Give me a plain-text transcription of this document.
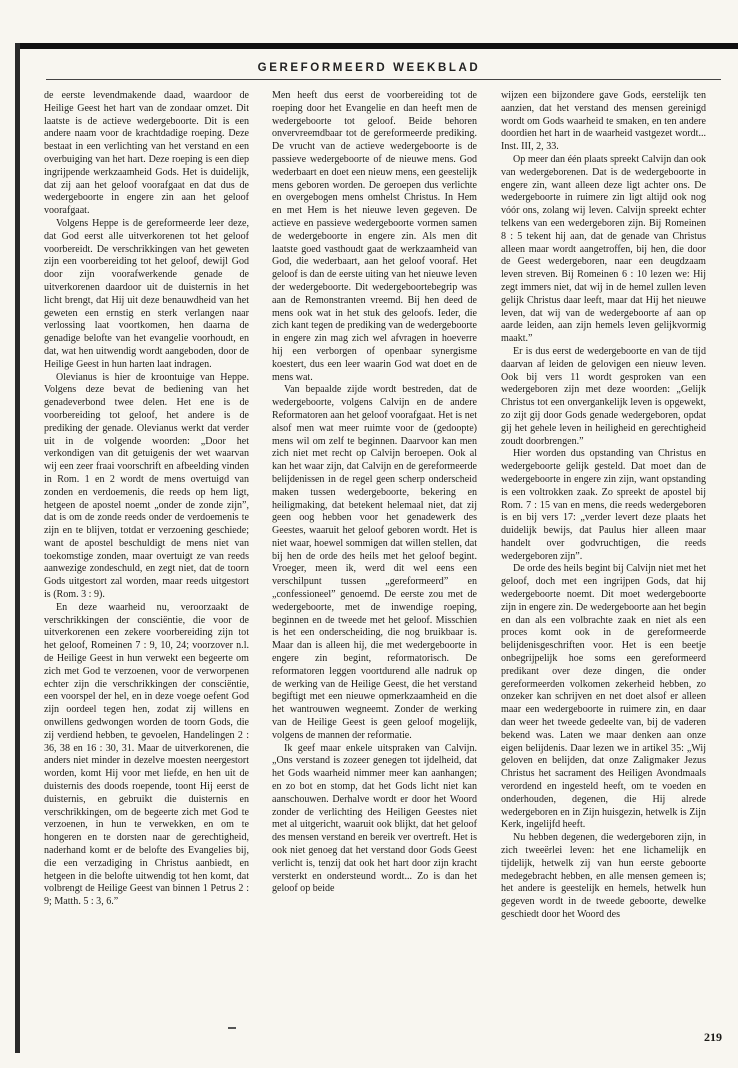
GEREFORMEERD WEEKBLAD

de eerste levendmakende daad, waardoor de Heilige Geest het hart van de zondaar omzet. Dit laatste is de actieve wedergeboorte. Dit is een andere naam voor de krachtdadige roeping. Deze bestaat in een verlichting van het verstand en een overbuiging van het hart. Deze roeping is een diep ingrijpende werkzaamheid Gods. Het is duidelijk, dat zij aan het geloof voorafgaat en dat dus de wedergeboorte in engere zin aan het geloof voorafgaat.

Volgens Heppe is de gereformeerde leer deze, dat God eerst alle uitverkorenen tot het geloof voorbereidt. De verschrikkingen van het geweten zijn een voorbereiding tot het geloof, dewijl God door zijn voorafwerkende genade de uitverkorenen daardoor uit de duisternis in het licht brengt, dat Hij uit deze benauwdheid van het geweten een ernstig en sterk verlangen naar verlossing laat voortkomen, hen daarna de genadige belofte van het evangelie voorhoudt, en dat, wat hen uitwendig wordt aangeboden, door de Heilige Geest in hun harten laat indragen.

Olevianus is hier de kroontuige van Heppe. Volgens deze bevat de bediening van het genadeverbond twee delen. Het ene is de voorbereiding tot geloof, het andere is de prediking der genade. Olevianus werkt dat verder uit in de volgende woorden: „Door het verkondigen van dit getuigenis der wet waarvan wij een zeer fraai voorschrift en afbeelding vinden in Rom. 1 en 2 wordt de mens overtuigd van zonden en verdoemenis, die reeds op hem ligt, hetgeen de apostel noemt „onder de zonde zijn”, dat is om de zonde reeds onder de verdoemenis te zijn en te blijven, totdat er verzoening geschiede; want de apostel beschuldigt de mens niet van toekomstige zonden, maar overtuigt ze van reeds aanwezige zondeschuld, en zegt niet, dat de toorn Gods uitgestort zal worden, maar reeds uitgestort is (Rom. 3 : 9).

En deze waarheid nu, veroorzaakt de verschrikkingen der consciëntie, die voor de uitverkorenen een zekere voorbereiding zijn tot het geloof, Romeinen 7 : 9, 10, 24; voorzover n.l. de Heilige Geest in hun verwekt een begeerte om zich met God te verzoenen, voor de verworpenen echter zijn die verschrikkingen der consciëntie, een voorspel der hel, en in deze voege oefent God zijn oordeel tegen hen, zodat zij willens en onwillens gedwongen worden de toorn Gods, die zij verdiend hebben, te gevoelen, Handelingen 2 : 36, 38 en 16 : 30, 31. Maar de uitverkorenen, die anders niet minder in dezelve moesten neergestort worden, komt Hij voor met liefde, en hen uit de duisternis des doods roepende, toont Hij eerst de duisternis, en gebruikt die duisternis en verschrikkingen, om de begeerte zich met God te verzoenen, in hun te verwekken, en om te hongeren en te dorsten naar de gerechtigheid, naderhand komt er de belofte des Evangelies bij, die een verzadiging in Christus aanbiedt, en hetgeen in die belofte uitwendig tot hen komt, dat volbrengt de Heilige Geest van binnen 1 Petrus 2 : 9; Matth. 5 : 3, 6.”

Men heeft dus eerst de voorbereiding tot de roeping door het Evangelie en dan heeft men de wedergeboorte tot geloof. Beide behoren onvervreemdbaar tot de gereformeerde prediking. De vrucht van de actieve wedergeboorte is de passieve wedergeboorte of de nieuwe mens. God wederbaart en doet een nieuw mens, een geestelijk mens geboren worden. De geroepen dus verlichte en overgebogen mens omhelst Christus. In Hem en met Hem is het nieuwe leven gegeven. De actieve en passieve wedergeboorte vormen samen de wedergeboorte in engere zin. Als men dit laatste goed vasthoudt gaat de werkzaamheid van God, die wederbaart, aan het geloof vooraf. Het geloof is dan de eerste uiting van het nieuwe leven der wedergeboorte. Dit wedergeboortebegrip was aan de Remonstranten vreemd. Bij hen deed de mens ook wat in het stuk des geloofs. Ieder, die zich kant tegen de prediking van de wedergeboorte in engere zin mag zich wel afvragen in hoeverre hij een verborgen of openbaar synergisme koestert, dus een leer waarin God wat doet en de mens wat.

Van bepaalde zijde wordt bestreden, dat de wedergeboorte, volgens Calvijn en de andere Reformatoren aan het geloof voorafgaat. Het is net alsof men wat meer ruimte voor de (gedoopte) mens wil om zelf te beginnen. Daarvoor kan men zich niet met recht op Calvijn beroepen. Ook al kan het waar zijn, dat Calvijn en de gereformeerde belijdenissen in de regel geen scherp onderscheid maken tussen wedergeboorte, bekering en heiligmaking, dat betekent helemaal niet, dat zij geen oog hebben voor het genadewerk des Geestes, waaruit het geloof geboren wordt. Het is niet waar, hoewel sommigen dat willen stellen, dat bij hen de orde des heils met het geloof begint. Vroeger, meen ik, werd dit wel eens een verschilpunt tussen „gereformeerd” en „confessioneel” genoemd. De eerste zou met de wedergeboorte, met de inwendige roeping, beginnen en de tweede met het geloof. Misschien is het een onderscheiding, die nog bruikbaar is. Maar dan is alleen hij, die met wedergeboorte in engere zin begint, reformatorisch. De reformatoren leggen voortdurend alle nadruk op de werking van de Heilige Geest, die het verstand begiftigt met een nieuwe opmerkzaamheid en die het wantrouwen wegneemt. Zonder de werking van de Heilige Geest is geen geloof mogelijk, volgens de mannen der reformatie.

Ik geef maar enkele uitspraken van Calvijn. „Ons verstand is zozeer genegen tot ijdelheid, dat het Gods waarheid nimmer meer kan aanhangen; en zo bot en stomp, dat het Gods licht niet kan aanschouwen. Derhalve wordt er door het Woord zonder de verlichting des Heiligen Geestes niet met al uitgericht, waaruit ook blijkt, dat het geloof des mensen verstand en bereik ver overtreft. Het is ook niet genoeg dat het verstand door Gods Geest verlicht is, tenzij dat ook het hart door zijn kracht versterkt en ondersteund wordt... Zo is dan het geloof op beide

wijzen een bijzondere gave Gods, eerstelijk ten aanzien, dat het verstand des mensen gereinigd wordt om Gods waarheid te smaken, en ten andere doordien het hart in de waarheid vastgezet wordt... Inst. III, 2, 33.

Op meer dan één plaats spreekt Calvijn dan ook van wedergeborenen. Dat is de wedergeboorte in engere zin, want alleen deze ligt achter ons. De wedergeboorte in ruimere zin ligt altijd ook nog vóór ons, zolang wij leven. Calvijn spreekt echter telkens van een wedergeboren zijn. Bij Romeinen 8 : 5 tekent hij aan, dat de genade van Christus alleen maar wordt aangetroffen, bij hen, die door de Geest wedergeboren, naar een deugdzaam leven streven. Bij Romeinen 6 : 10 lezen we: Hij zegt immers niet, dat wij in de hemel zullen leven gelijk Christus daar leeft, maar dat Hij het nieuwe leven, dat wij van de wedergeboorte af aan op aarde leiden, aan zijn hemels leven gelijkvormig maakt.”

Er is dus eerst de wedergeboorte en van de tijd daarvan af leiden de gelovigen een nieuw leven. Ook bij vers 11 wordt gesproken van een wedergeboren zijn met deze woorden: „Gelijk Christus tot een onvergankelijk leven is opgewekt, zo zijt gij door Gods genade wedergeboren, opdat gij het gehele leven in heiligheid en gerechtigheid zoudt doorbrengen.”

Hier worden dus opstanding van Christus en wedergeboorte gelijk gesteld. Dat moet dan de wedergeboorte in engere zin zijn, want opstanding is een voltrokken zaak. Zo spreekt de apostel bij Rom. 7 : 15 van en mens, die reeds wedergeboren is en bij vers 17: „verder levert deze plaats het duidelijk bewijs, dat Paulus hier alleen maar handelt over godvruchtigen, die reeds wedergeboren zijn”.

De orde des heils begint bij Calvijn niet met het geloof, doch met een ingrijpen Gods, dat hij wedergeboorte noemt. Dit moet wedergeboorte zijn in engere zin. De wedergeboorte aan het begin en dan als een volbrachte zaak en niet als een proces komt ook in de gereformeerde belijdenisgeschriften voor. Het is een beetje onbegrijpelijk hoe soms een gereformeerd predikant over deze dingen, die onder gereformeerden volkomen zekerheid hebben, zo onzeker kan schrijven en net doet alsof er alleen maar een wedergeboorte in ruimere zin, en daar dan weer het tweede gedeelte van, bij de vaderen bekend was. Laten we maar denken aan onze eigen belijdenis. Daar lezen we in artikel 35: „Wij geloven en belijden, dat onze Zaligmaker Jezus Christus het sacrament des Heiligen Avondmaals verordend en ingesteld heeft, om te voeden en onderhouden, degenen, die Hij alrede wedergeboren en in Zijn huisgezin, hetwelk is Zijn Kerk, ingelijfd heeft.

Nu hebben degenen, die wedergeboren zijn, in zich tweeërlei leven: het ene lichamelijk en tijdelijk, hetwelk zij van hun eerste geboorte medegebracht hebben, en alle mensen gemeen is; het andere is geestelijk en hemels, hetwelk hun gegeven wordt in de tweede geboorte, dewelke geschiedt door het Woord des

219
